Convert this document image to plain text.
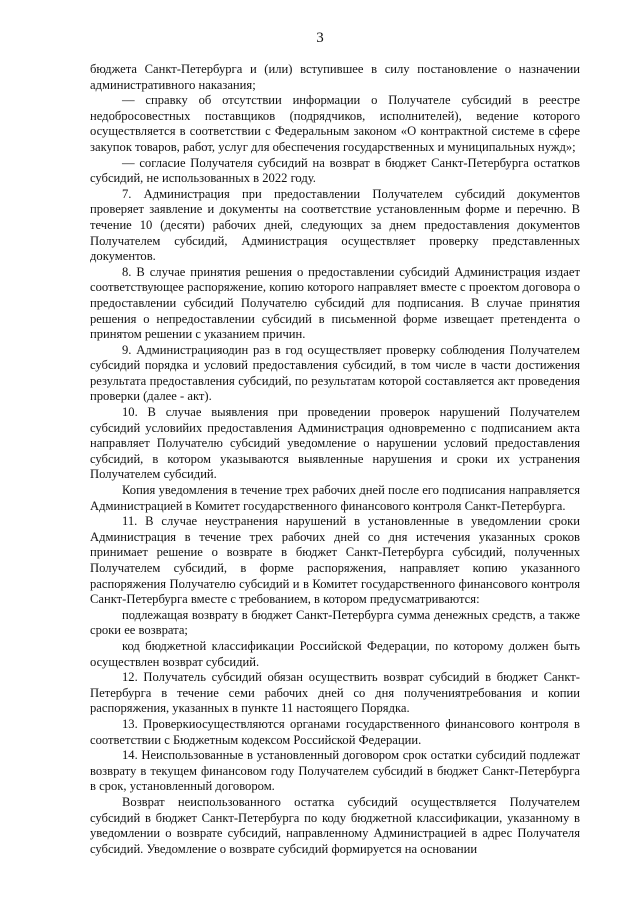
3

бюджета Санкт-Петербурга и (или) вступившее в силу постановление о назначении административного наказания;

— справку об отсутствии информации о Получателе субсидий в реестре недобросовестных поставщиков (подрядчиков, исполнителей), ведение которого осуществляется в соответствии с Федеральным законом «О контрактной системе в сфере закупок товаров, работ, услуг для обеспечения государственных и муниципальных нужд»;

— согласие Получателя субсидий на возврат в бюджет Санкт-Петербурга остатков субсидий, не использованных в 2022 году.

7. Администрация при предоставлении Получателем субсидий документов проверяет заявление и документы на соответствие установленным форме и перечню. В течение 10 (десяти) рабочих дней, следующих за днем предоставления документов Получателем субсидий, Администрация осуществляет проверку представленных документов.

8. В случае принятия решения о предоставлении субсидий Администрация издает соответствующее распоряжение, копию которого направляет вместе с проектом договора о предоставлении субсидий Получателю субсидий для подписания. В случае принятия решения о непредоставлении субсидий в письменной форме извещает претендента о принятом решении с указанием причин.

9. Администрацияодин раз в год осуществляет проверку соблюдения Получателем субсидий порядка и условий предоставления субсидий, в том числе в части достижения результата предоставления субсидий, по результатам которой составляется акт проведения проверки (далее - акт).

10. В случае выявления при проведении проверок нарушений Получателем субсидий условийих предоставления Администрация одновременно с подписанием акта направляет Получателю субсидий уведомление о нарушении условий предоставления субсидий, в котором указываются выявленные нарушения и сроки их устранения Получателем субсидий.

Копия уведомления в течение трех рабочих дней после его подписания направляется Администрацией в Комитет государственного финансового контроля Санкт-Петербурга.

11. В случае неустранения нарушений в установленные в уведомлении сроки Администрация в течение трех рабочих дней со дня истечения указанных сроков принимает решение о возврате в бюджет Санкт-Петербурга субсидий, полученных Получателем субсидий, в форме распоряжения, направляет копию указанного распоряжения Получателю субсидий и в Комитет государственного финансового контроля Санкт-Петербурга вместе с требованием, в котором предусматриваются:

подлежащая возврату в бюджет Санкт-Петербурга сумма денежных средств, а также сроки ее возврата;

код бюджетной классификации Российской Федерации, по которому должен быть осуществлен возврат субсидий.

12. Получатель субсидий обязан осуществить возврат субсидий в бюджет Санкт-Петербурга в течение семи рабочих дней со дня получениятребования и копии распоряжения, указанных в пункте 11 настоящего Порядка.

13. Проверкиосуществляются органами государственного финансового контроля в соответствии с Бюджетным кодексом Российской Федерации.

14. Неиспользованные в установленный договором срок остатки субсидий подлежат возврату в текущем финансовом году Получателем субсидий в бюджет Санкт-Петербурга в срок, установленный договором.

Возврат неиспользованного остатка субсидий осуществляется Получателем субсидий в бюджет Санкт-Петербурга по коду бюджетной классификации, указанному в уведомлении о возврате субсидий, направленному Администрацией в адрес Получателя субсидий. Уведомление о возврате субсидий формируется на основании
